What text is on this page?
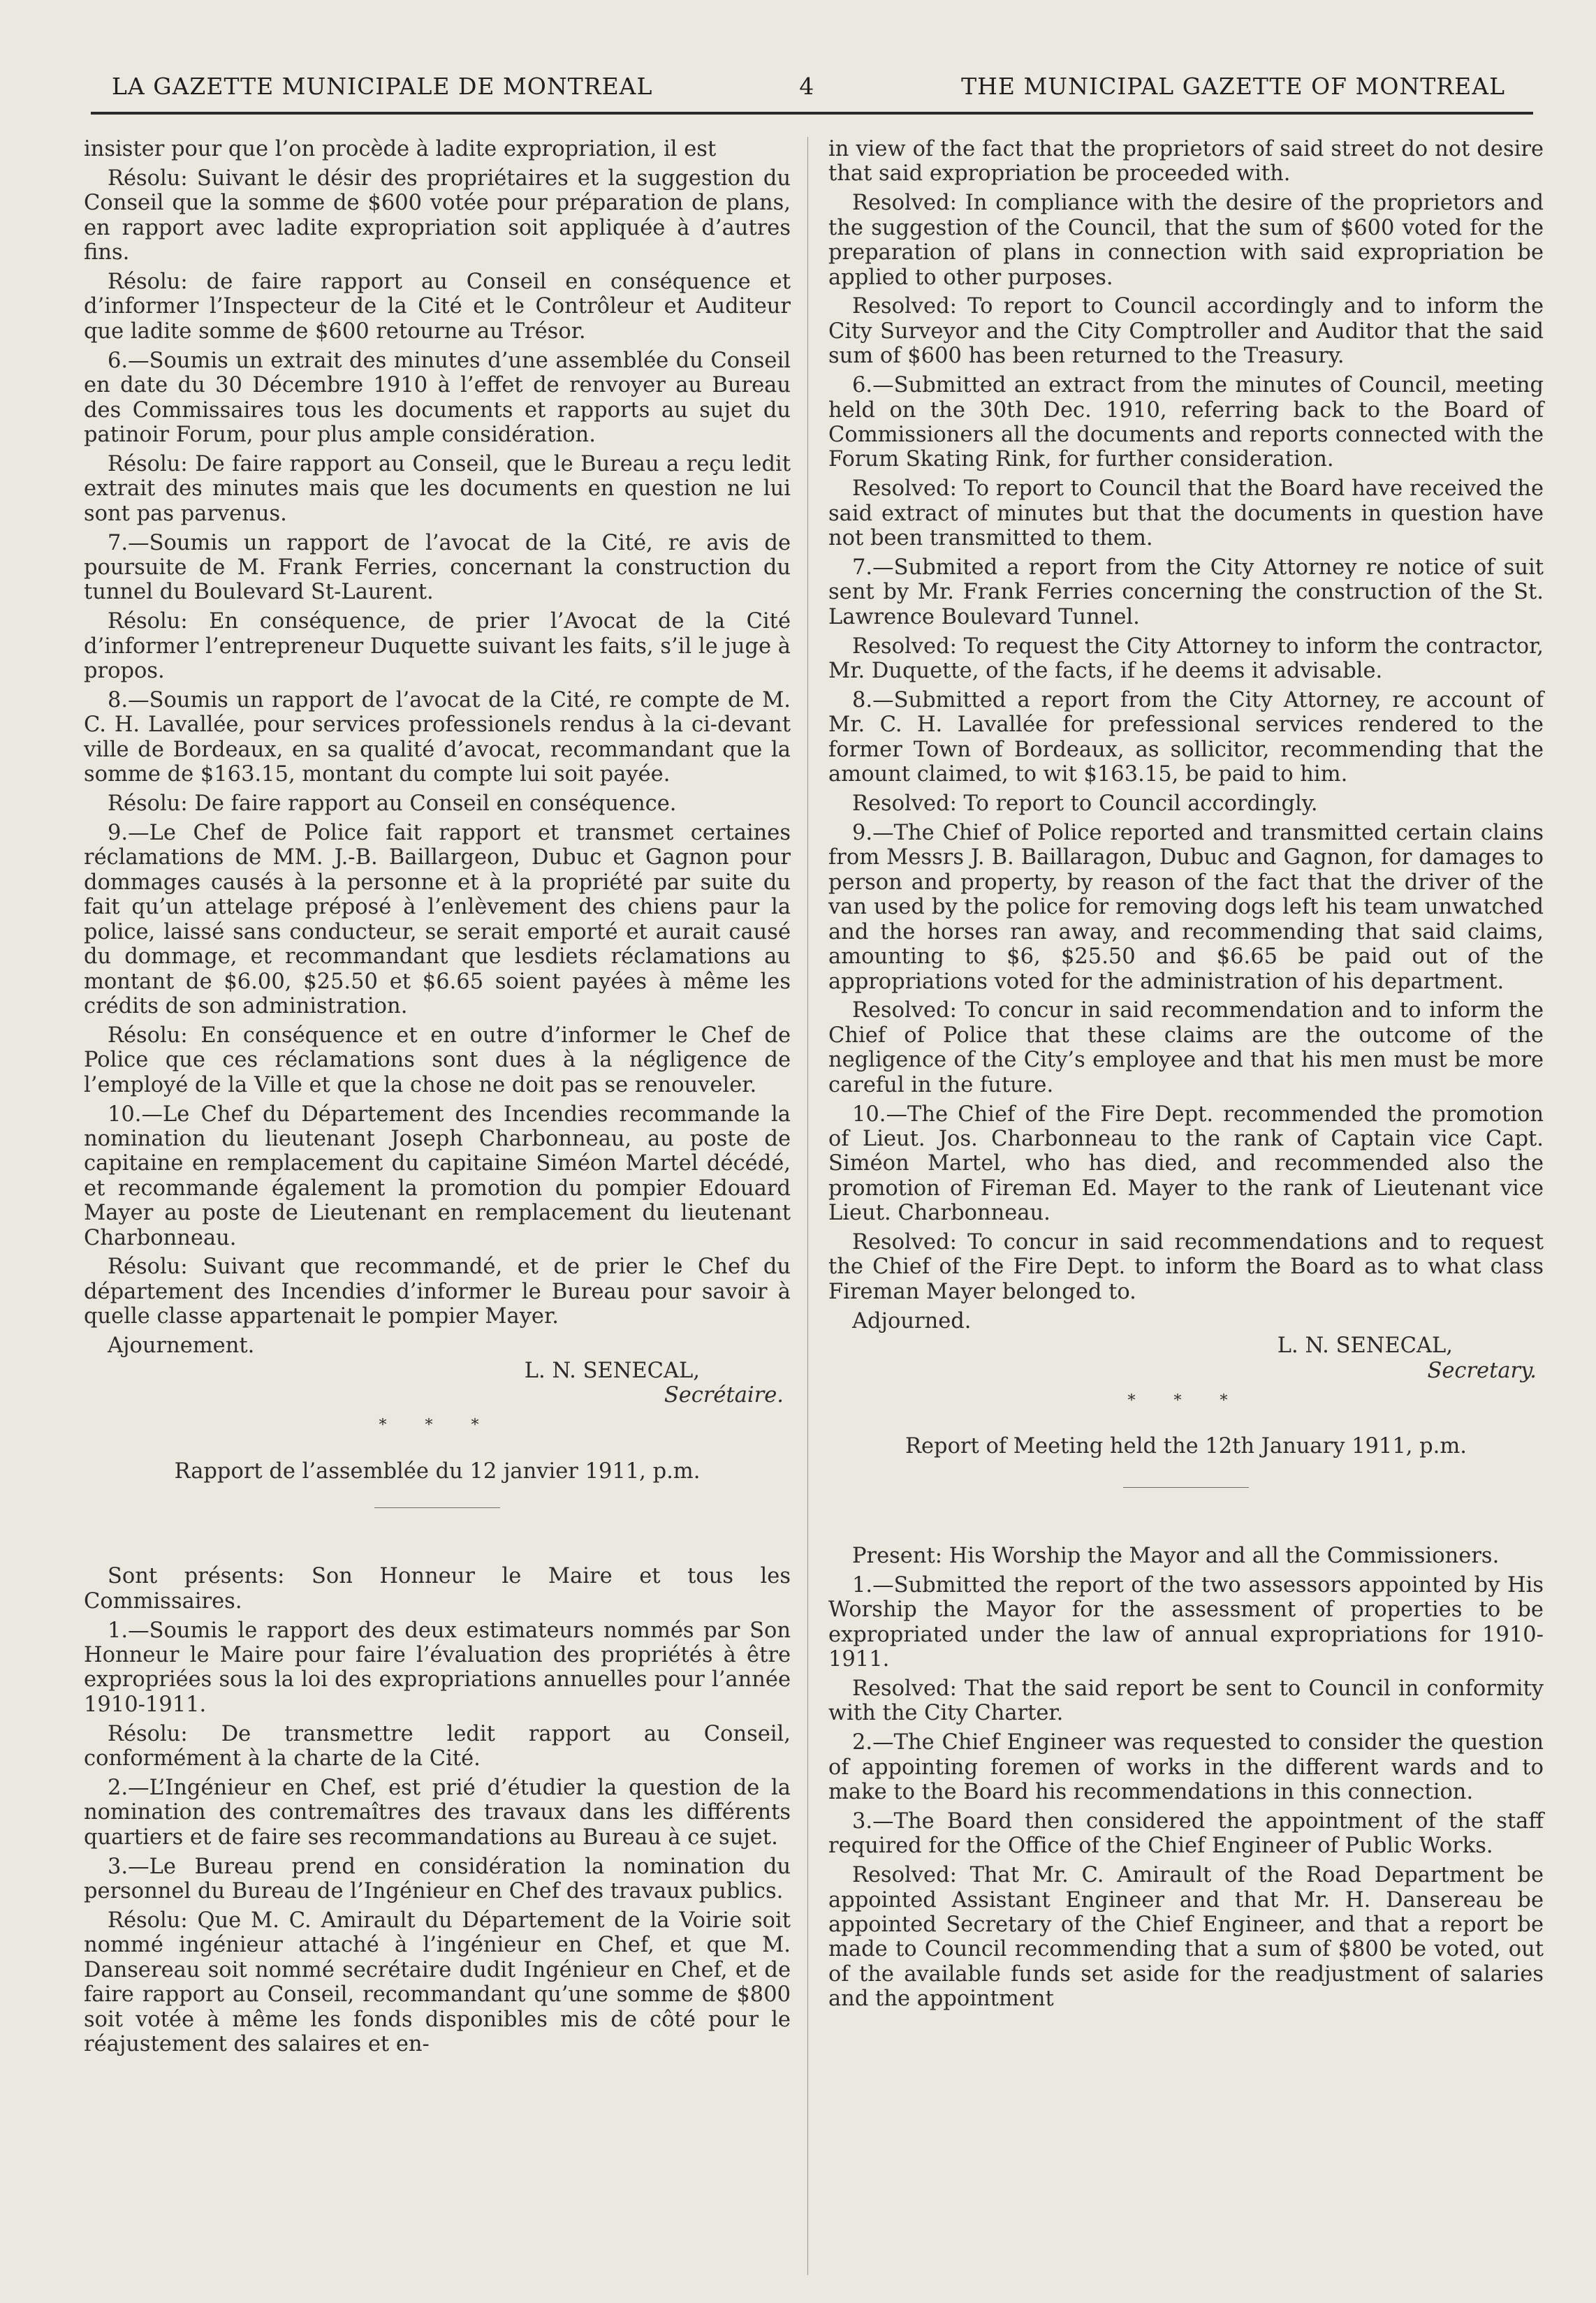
LA GAZETTE MUNICIPALE DE MONTREAL	4	THE MUNICIPAL GAZETTE OF MONTREAL

insister pour que l’on procède à ladite expropriation, il est

Résolu: Suivant le désir des propriétaires et la suggestion du Conseil que la somme de $600 votée pour préparation de plans, en rapport avec ladite expropriation soit appliquée à d’autres fins.

Résolu: de faire rapport au Conseil en conséquence et d’informer l’Inspecteur de la Cité et le Contrôleur et Auditeur que ladite somme de $600 retourne au Trésor.

6.—Soumis un extrait des minutes d’une assemblée du Conseil en date du 30 Décembre 1910 à l’effet de renvoyer au Bureau des Commissaires tous les documents et rapports au sujet du patinoir Forum, pour plus ample considération.

Résolu: De faire rapport au Conseil, que le Bureau a reçu ledit extrait des minutes mais que les documents en question ne lui sont pas parvenus.

7.—Soumis un rapport de l’avocat de la Cité, re avis de poursuite de M. Frank Ferries, concernant la construction du tunnel du Boulevard St-Laurent.

Résolu: En conséquence, de prier l’Avocat de la Cité d’informer l’entrepreneur Duquette suivant les faits, s’il le juge à propos.

8.—Soumis un rapport de l’avocat de la Cité, re compte de M. C. H. Lavallée, pour services professionels rendus à la ci-devant ville de Bordeaux, en sa qualité d’avocat, recommandant que la somme de $163.15, montant du compte lui soit payée.

Résolu: De faire rapport au Conseil en conséquence.

9.—Le Chef de Police fait rapport et transmet certaines réclamations de MM. J.-B. Baillargeon, Dubuc et Gagnon pour dommages causés à la personne et à la propriété par suite du fait qu’un attelage préposé à l’enlèvement des chiens paur la police, laissé sans conducteur, se serait emporté et aurait causé du dommage, et recommandant que lesdiets réclamations au montant de $6.00, $25.50 et $6.65 soient payées à même les crédits de son administration.

Résolu: En conséquence et en outre d’informer le Chef de Police que ces réclamations sont dues à la négligence de l’employé de la Ville et que la chose ne doit pas se renouveler.

10.—Le Chef du Département des Incendies recommande la nomination du lieutenant Joseph Charbonneau, au poste de capitaine en remplacement du capitaine Siméon Martel décédé, et recommande également la promotion du pompier Edouard Mayer au poste de Lieutenant en remplacement du lieutenant Charbonneau.

Résolu: Suivant que recommandé, et de prier le Chef du département des Incendies d’informer le Bureau pour savoir à quelle classe appartenait le pompier Mayer.

Ajournement.

L. N. SENECAL,

Secrétaire.

* * *

Rapport de l’assemblée du 12 janvier 1911, p.m.

Sont présents: Son Honneur le Maire et tous les Commissaires.

1.—Soumis le rapport des deux estimateurs nommés par Son Honneur le Maire pour faire l’évaluation des propriétés à être expropriées sous la loi des expropriations annuelles pour l’année 1910-1911.

Résolu: De transmettre ledit rapport au Conseil, conformément à la charte de la Cité.

2.—L’Ingénieur en Chef, est prié d’étudier la question de la nomination des contremaîtres des travaux dans les différents quartiers et de faire ses recommandations au Bureau à ce sujet.

3.—Le Bureau prend en considération la nomination du personnel du Bureau de l’Ingénieur en Chef des travaux publics.

Résolu: Que M. C. Amirault du Département de la Voirie soit nommé ingénieur attaché à l’ingénieur en Chef, et que M. Dansereau soit nommé secrétaire dudit Ingénieur en Chef, et de faire rapport au Conseil, recommandant qu’une somme de $800 soit votée à même les fonds disponibles mis de côté pour le réajustement des salaires et en-

in view of the fact that the proprietors of said street do not desire that said expropriation be proceeded with.

Resolved: In compliance with the desire of the proprietors and the suggestion of the Council, that the sum of $600 voted for the preparation of plans in connection with said expropriation be applied to other purposes.

Resolved: To report to Council accordingly and to inform the City Surveyor and the City Comptroller and Auditor that the said sum of $600 has been returned to the Treasury.

6.—Submitted an extract from the minutes of Council, meeting held on the 30th Dec. 1910, referring back to the Board of Commissioners all the documents and reports connected with the Forum Skating Rink, for further consideration.

Resolved: To report to Council that the Board have received the said extract of minutes but that the documents in question have not been transmitted to them.

7.—Submited a report from the City Attorney re notice of suit sent by Mr. Frank Ferries concerning the construction of the St. Lawrence Boulevard Tunnel.

Resolved: To request the City Attorney to inform the contractor, Mr. Duquette, of the facts, if he deems it advisable.

8.—Submitted a report from the City Attorney, re account of Mr. C. H. Lavallée for prefessional services rendered to the former Town of Bordeaux, as sollicitor, recommending that the amount claimed, to wit $163.15, be paid to him.

Resolved: To report to Council accordingly.

9.—The Chief of Police reported and transmitted certain clains from Messrs J. B. Baillaragon, Dubuc and Gagnon, for damages to person and property, by reason of the fact that the driver of the van used by the police for removing dogs left his team unwatched and the horses ran away, and recommending that said claims, amounting to $6, $25.50 and $6.65 be paid out of the appropriations voted for the administration of his department.

Resolved: To concur in said recommendation and to inform the Chief of Police that these claims are the outcome of the negligence of the City’s employee and that his men must be more careful in the future.

10.—The Chief of the Fire Dept. recommended the promotion of Lieut. Jos. Charbonneau to the rank of Captain vice Capt. Siméon Martel, who has died, and recommended also the promotion of Fireman Ed. Mayer to the rank of Lieutenant vice Lieut. Charbonneau.

Resolved: To concur in said recommendations and to request the Chief of the Fire Dept. to inform the Board as to what class Fireman Mayer belonged to.

Adjourned.

L. N. SENECAL,

Secretary.

* * *

Report of Meeting held the 12th January 1911, p.m.

Present: His Worship the Mayor and all the Commissioners.

1.—Submitted the report of the two assessors appointed by His Worship the Mayor for the assessment of properties to be expropriated under the law of annual expropriations for 1910-1911.

Resolved: That the said report be sent to Council in conformity with the City Charter.

2.—The Chief Engineer was requested to consider the question of appointing foremen of works in the different wards and to make to the Board his recommendations in this connection.

3.—The Board then considered the appointment of the staff required for the Office of the Chief Engineer of Public Works.

Resolved: That Mr. C. Amirault of the Road Department be appointed Assistant Engineer and that Mr. H. Dansereau be appointed Secretary of the Chief Engineer, and that a report be made to Council recommending that a sum of $800 be voted, out of the available funds set aside for the readjustment of salaries and the appointment
